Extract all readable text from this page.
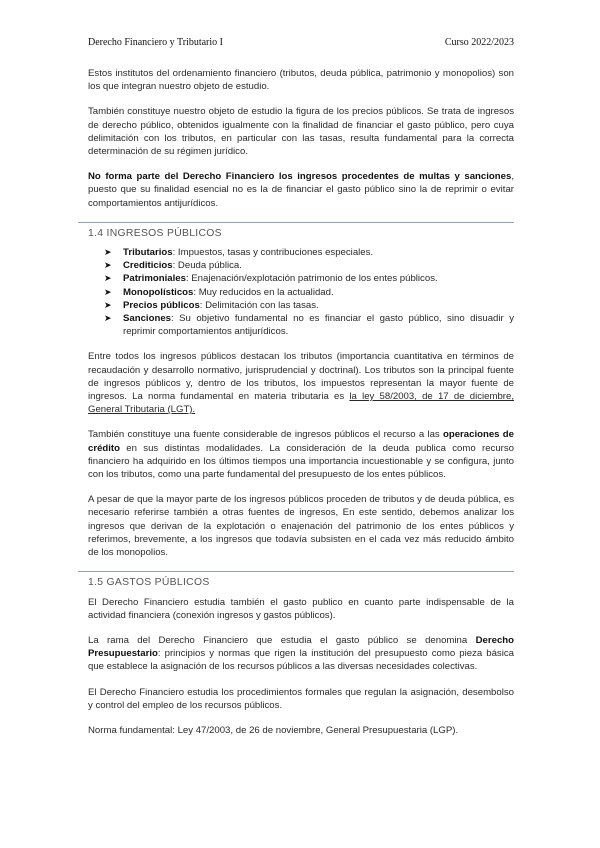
Derecho Financiero y Tributario I	Curso 2022/2023

Estos institutos del ordenamiento financiero (tributos, deuda pública, patrimonio y monopolios) son los que integran nuestro objeto de estudio.

También constituye nuestro objeto de estudio la figura de los precios públicos. Se trata de ingresos de derecho público, obtenidos igualmente con la finalidad de financiar el gasto público, pero cuya delimitación con los tributos, en particular con las tasas, resulta fundamental para la correcta determinación de su régimen jurídico.

No forma parte del Derecho Financiero los ingresos procedentes de multas y sanciones, puesto que su finalidad esencial no es la de financiar el gasto público sino la de reprimir o evitar comportamientos antijurídicos.

1.4 INGRESOS PÚBLICOS
➤ Tributarios: Impuestos, tasas y contribuciones especiales.
➤ Crediticios: Deuda pública.
➤ Patrimoniales: Enajenación/explotación patrimonio de los entes públicos.
➤ Monopolísticos: Muy reducidos en la actualidad.
➤ Precios públicos: Delimitación con las tasas.
➤ Sanciones: Su objetivo fundamental no es financiar el gasto público, sino disuadir y reprimir comportamientos antijurídicos.

Entre todos los ingresos públicos destacan los tributos (importancia cuantitativa en términos de recaudación y desarrollo normativo, jurisprudencial y doctrinal). Los tributos son la principal fuente de ingresos públicos y, dentro de los tributos, los impuestos representan la mayor fuente de ingresos. La norma fundamental en materia tributaria es la ley 58/2003, de 17 de diciembre, General Tributaria (LGT).

También constituye una fuente considerable de ingresos públicos el recurso a las operaciones de crédito en sus distintas modalidades. La consideración de la deuda publica como recurso financiero ha adquirido en los últimos tiempos una importancia incuestionable y se configura, junto con los tributos, como una parte fundamental del presupuesto de los entes públicos.

A pesar de que la mayor parte de los ingresos públicos proceden de tributos y de deuda pública, es necesario referirse también a otras fuentes de ingresos, En este sentido, debemos analizar los ingresos que derivan de la explotación o enajenación del patrimonio de los entes públicos y referimos, brevemente, a los ingresos que todavía subsisten en el cada vez más reducido ámbito de los monopolios.

1.5 GASTOS PÚBLICOS

El Derecho Financiero estudia también el gasto publico en cuanto parte indispensable de la actividad financiera (conexión ingresos y gastos públicos).

La rama del Derecho Financiero que estudia el gasto público se denomina Derecho Presupuestario: principios y normas que rigen la institución del presupuesto como pieza básica que establece la asignación de los recursos públicos a las diversas necesidades colectivas.

El Derecho Financiero estudia los procedimientos formales que regulan la asignación, desembolso y control del empleo de los recursos públicos.

Norma fundamental: Ley 47/2003, de 26 de noviembre, General Presupuestaria (LGP).
